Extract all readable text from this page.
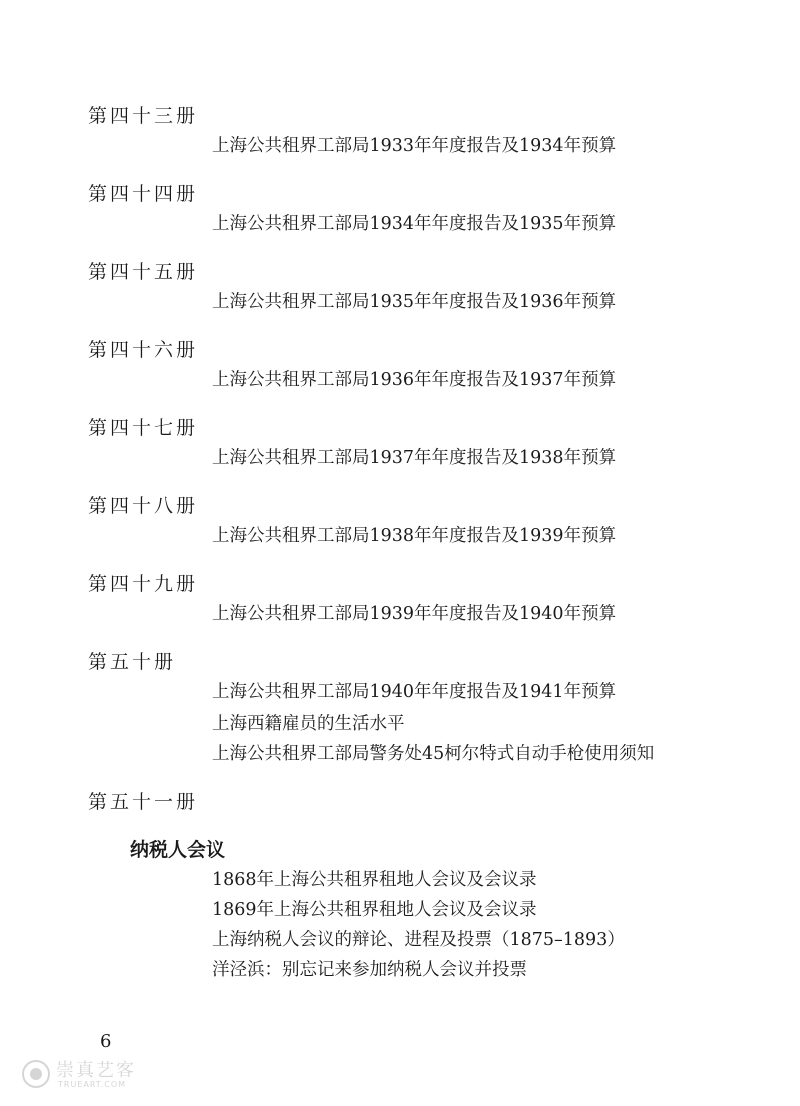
第四十三册
上海公共租界工部局1933年年度报告及1934年预算
第四十四册
上海公共租界工部局1934年年度报告及1935年预算
第四十五册
上海公共租界工部局1935年年度报告及1936年预算
第四十六册
上海公共租界工部局1936年年度报告及1937年预算
第四十七册
上海公共租界工部局1937年年度报告及1938年预算
第四十八册
上海公共租界工部局1938年年度报告及1939年预算
第四十九册
上海公共租界工部局1939年年度报告及1940年预算
第五十册
上海公共租界工部局1940年年度报告及1941年预算
上海西籍雇员的生活水平
上海公共租界工部局警务处45柯尔特式自动手枪使用须知
第五十一册
纳税人会议
1868年上海公共租界租地人会议及会议录
1869年上海公共租界租地人会议及会议录
上海纳税人会议的辩论、进程及投票（1875–1893）
洋泾浜：别忘记来参加纳税人会议并投票
6
崇真艺客
TRUEART.COM
